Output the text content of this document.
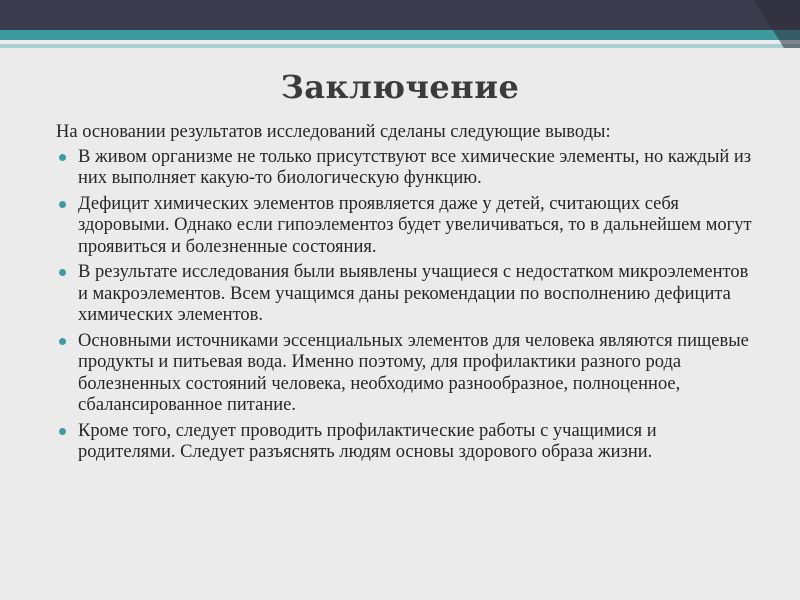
Заключение

На основании результатов исследований сделаны следующие выводы:

В живом организме не только присутствуют все химические элементы, но каждый из них выполняет какую-то биологическую функцию.
Дефицит химических элементов проявляется даже у детей, считающих себя здоровыми. Однако если гипоэлементоз будет увеличиваться, то в дальнейшем могут проявиться и болезненные состояния.
В результате исследования были выявлены учащиеся с недостатком микроэлементов и макроэлементов. Всем учащимся даны рекомендации по восполнению дефицита химических элементов.
Основными источниками эссенциальных элементов для человека являются пищевые продукты и питьевая вода. Именно поэтому, для профилактики разного рода болезненных состояний человека, необходимо разнообразное, полноценное, сбалансированное питание.
Кроме того, следует проводить профилактические работы с учащимися и родителями. Следует разъяснять людям основы здорового образа жизни.
